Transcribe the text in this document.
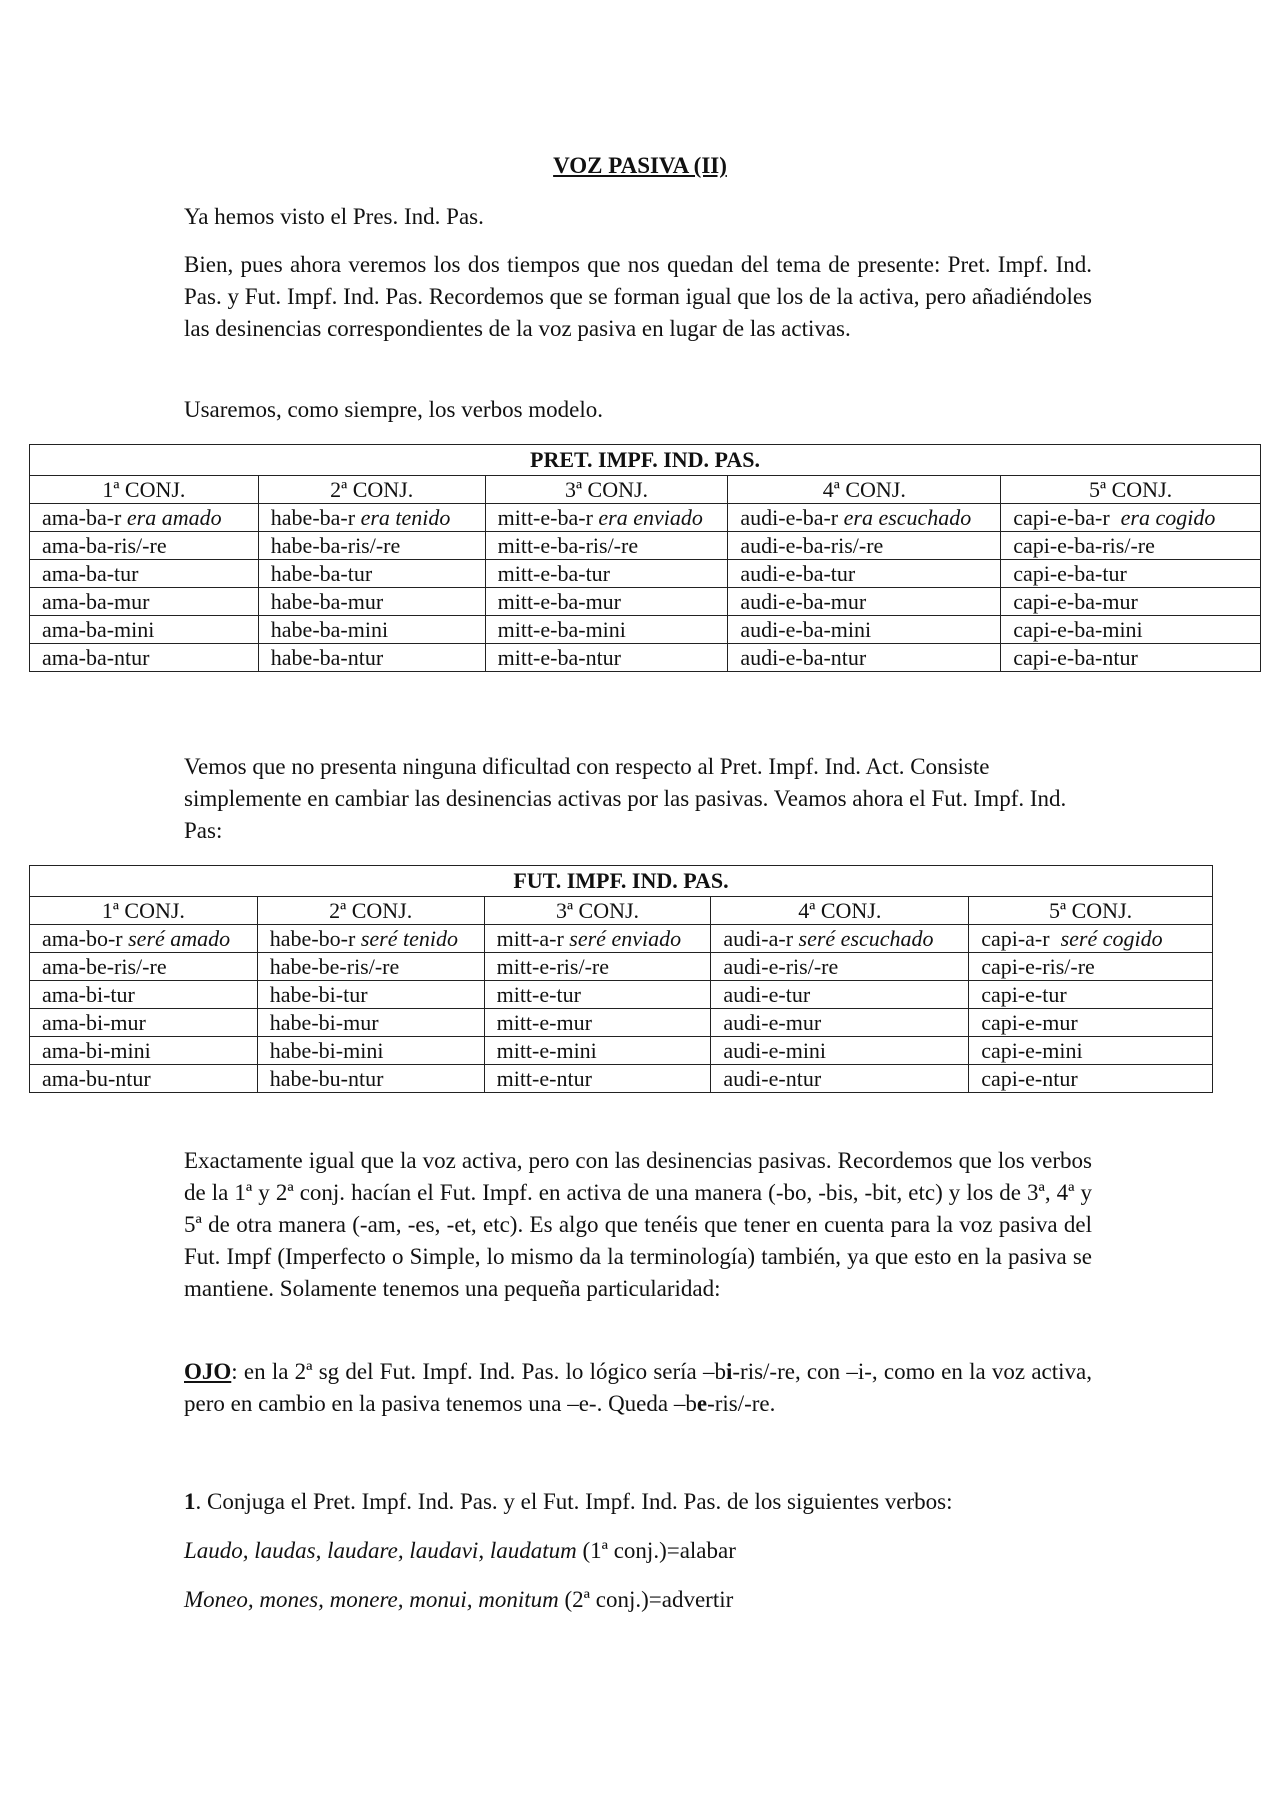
VOZ PASIVA (II)

Ya hemos visto el Pres. Ind. Pas.

Bien, pues ahora veremos los dos tiempos que nos quedan del tema de presente: Pret. Impf. Ind. Pas. y Fut. Impf. Ind. Pas. Recordemos que se forman igual que los de la activa, pero añadiéndoles las desinencias correspondientes de la voz pasiva en lugar de las activas.

Usaremos, como siempre, los verbos modelo.

PRET. IMPF. IND. PAS.				
1ª CONJ.	2ª CONJ.	3ª CONJ.	4ª CONJ.	5ª CONJ.
ama-ba-r era amado	habe-ba-r era tenido	mitt-e-ba-r era enviado	audi-e-ba-r era escuchado	capi-e-ba-r era cogido
ama-ba-ris/-re	habe-ba-ris/-re	mitt-e-ba-ris/-re	audi-e-ba-ris/-re	capi-e-ba-ris/-re
ama-ba-tur	habe-ba-tur	mitt-e-ba-tur	audi-e-ba-tur	capi-e-ba-tur
ama-ba-mur	habe-ba-mur	mitt-e-ba-mur	audi-e-ba-mur	capi-e-ba-mur
ama-ba-mini	habe-ba-mini	mitt-e-ba-mini	audi-e-ba-mini	capi-e-ba-mini
ama-ba-ntur	habe-ba-ntur	mitt-e-ba-ntur	audi-e-ba-ntur	capi-e-ba-ntur

Vemos que no presenta ninguna dificultad con respecto al Pret. Impf. Ind. Act. Consiste simplemente en cambiar las desinencias activas por las pasivas. Veamos ahora el Fut. Impf. Ind. Pas:

FUT. IMPF. IND. PAS.				
1ª CONJ.	2ª CONJ.	3ª CONJ.	4ª CONJ.	5ª CONJ.
ama-bo-r seré amado	habe-bo-r seré tenido	mitt-a-r seré enviado	audi-a-r seré escuchado	capi-a-r seré cogido
ama-be-ris/-re	habe-be-ris/-re	mitt-e-ris/-re	audi-e-ris/-re	capi-e-ris/-re
ama-bi-tur	habe-bi-tur	mitt-e-tur	audi-e-tur	capi-e-tur
ama-bi-mur	habe-bi-mur	mitt-e-mur	audi-e-mur	capi-e-mur
ama-bi-mini	habe-bi-mini	mitt-e-mini	audi-e-mini	capi-e-mini
ama-bu-ntur	habe-bu-ntur	mitt-e-ntur	audi-e-ntur	capi-e-ntur

Exactamente igual que la voz activa, pero con las desinencias pasivas. Recordemos que los verbos de la 1ª y 2ª conj. hacían el Fut. Impf. en activa de una manera (-bo, -bis, -bit, etc) y los de 3ª, 4ª y 5ª de otra manera (-am, -es, -et, etc). Es algo que tenéis que tener en cuenta para la voz pasiva del Fut. Impf (Imperfecto o Simple, lo mismo da la terminología) también, ya que esto en la pasiva se mantiene. Solamente tenemos una pequeña particularidad:

OJO: en la 2ª sg del Fut. Impf. Ind. Pas. lo lógico sería –bi-ris/-re, con –i-, como en la voz activa, pero en cambio en la pasiva tenemos una –e-. Queda –be-ris/-re.

1. Conjuga el Pret. Impf. Ind. Pas. y el Fut. Impf. Ind. Pas. de los siguientes verbos:

Laudo, laudas, laudare, laudavi, laudatum (1ª conj.)=alabar

Moneo, mones, monere, monui, monitum (2ª conj.)=advertir
